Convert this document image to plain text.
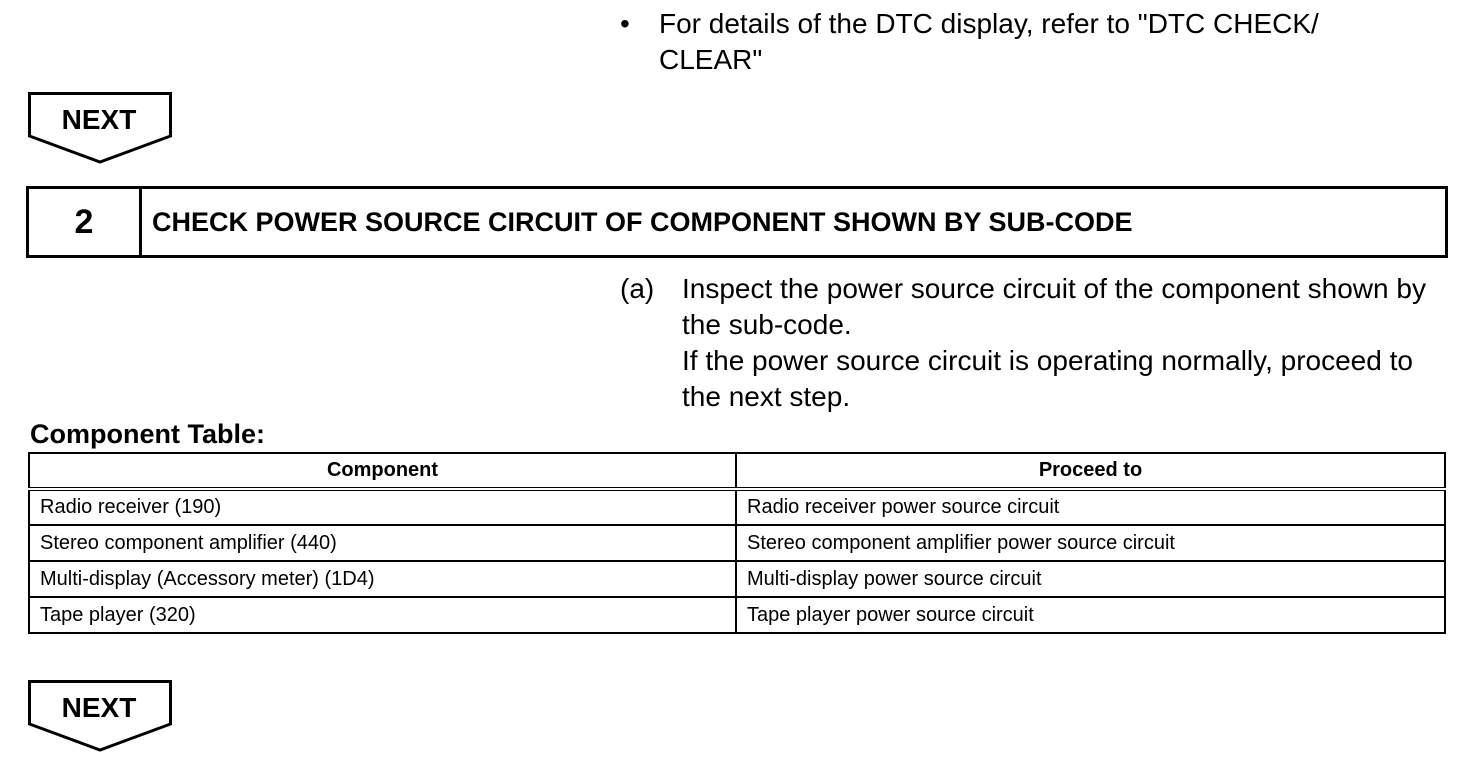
• For details of the DTC display, refer to "DTC CHECK/
CLEAR"
NEXT
2	CHECK POWER SOURCE CIRCUIT OF COMPONENT SHOWN BY SUB-CODE
(a) Inspect the power source circuit of the component shown by the sub-code.
If the power source circuit is operating normally, proceed to the next step.
Component Table:
Component	Proceed to
Radio receiver (190)	Radio receiver power source circuit
Stereo component amplifier (440)	Stereo component amplifier power source circuit
Multi-display (Accessory meter) (1D4)	Multi-display power source circuit
Tape player (320)	Tape player power source circuit
NEXT
